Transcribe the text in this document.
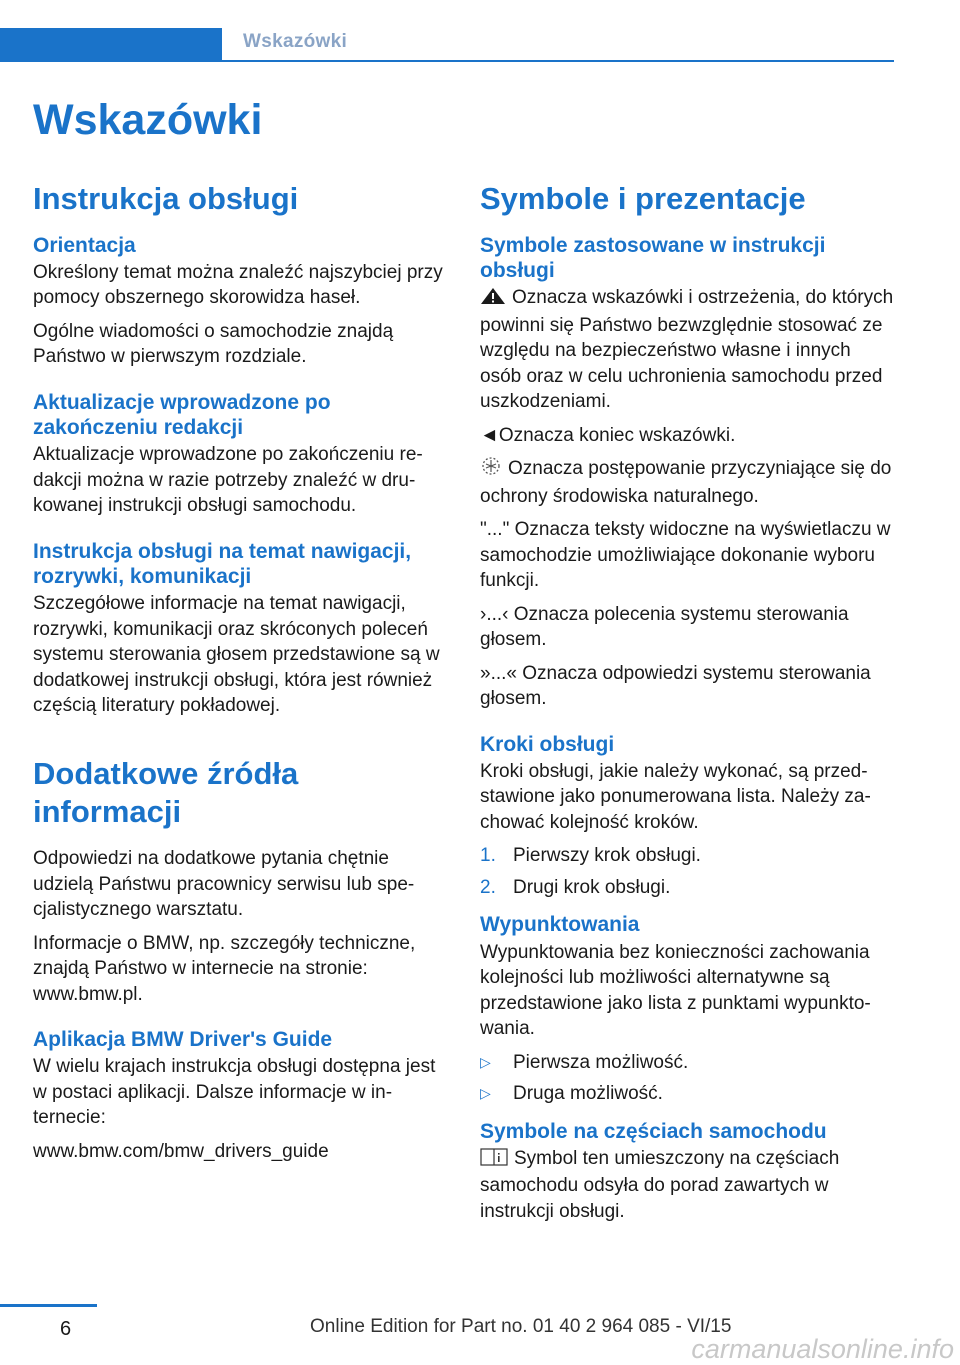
Wskazówki
Wskazówki
Instrukcja obsługi
Orientacja

Określony temat można znaleźć najszybciej przy pomocy obszernego skorowidza haseł.

Ogólne wiadomości o samochodzie znajdą Państwo w pierwszym rozdziale.

Aktualizacje wprowadzone po zakończeniu redakcji

Aktualizacje wprowadzone po zakończeniu redakcji można w razie potrzeby znaleźć w drukowanej instrukcji obsługi samochodu.

Instrukcja obsługi na temat nawigacji, rozrywki, komunikacji

Szczegółowe informacje na temat nawigacji, rozrywki, komunikacji oraz skróconych poleceń systemu sterowania głosem przedstawione są w dodatkowej instrukcji obsługi, która jest również częścią literatury pokładowej.

Dodatkowe źródła informacji

Odpowiedzi na dodatkowe pytania chętnie udzielą Państwu pracownicy serwisu lub specjalistycznego warsztatu.

Informacje o BMW, np. szczegóły techniczne, znajdą Państwo w internecie na stronie: www.bmw.pl.

Aplikacja BMW Driver's Guide

W wielu krajach instrukcja obsługi dostępna jest w postaci aplikacji. Dalsze informacje w internecie:

www.bmw.com/bmw_drivers_guide

Symbole i prezentacje
Symbole zastosowane w instrukcji obsługi

Oznacza wskazówki i ostrzeżenia, do których powinni się Państwo bezwzględnie stosować ze względu na bezpieczeństwo własne i innych osób oraz w celu uchronienia samochodu przed uszkodzeniami.

◄Oznacza koniec wskazówki.

Oznacza postępowanie przyczyniające się do ochrony środowiska naturalnego.

"..." Oznacza teksty widoczne na wyświetlaczu w samochodzie umożliwiające dokonanie wyboru funkcji.

›...‹ Oznacza polecenia systemu sterowania głosem.

»...« Oznacza odpowiedzi systemu sterowania głosem.

Kroki obsługi

Kroki obsługi, jakie należy wykonać, są przedstawione jako ponumerowana lista. Należy zachować kolejność kroków.

1. Pierwszy krok obsługi.
2. Drugi krok obsługi.
Wypunktowania

Wypunktowania bez konieczności zachowania kolejności lub możliwości alternatywne są przedstawione jako lista z punktami wypunktowania.

▷	Pierwsza możliwość.
▷	Druga możliwość.
Symbole na częściach samochodu

Symbol ten umieszczony na częściach samochodu odsyła do porad zawartych w instrukcji obsługi.

6	Online Edition for Part no. 01 40 2 964 085 - VI/15
carmanualsonline.info
